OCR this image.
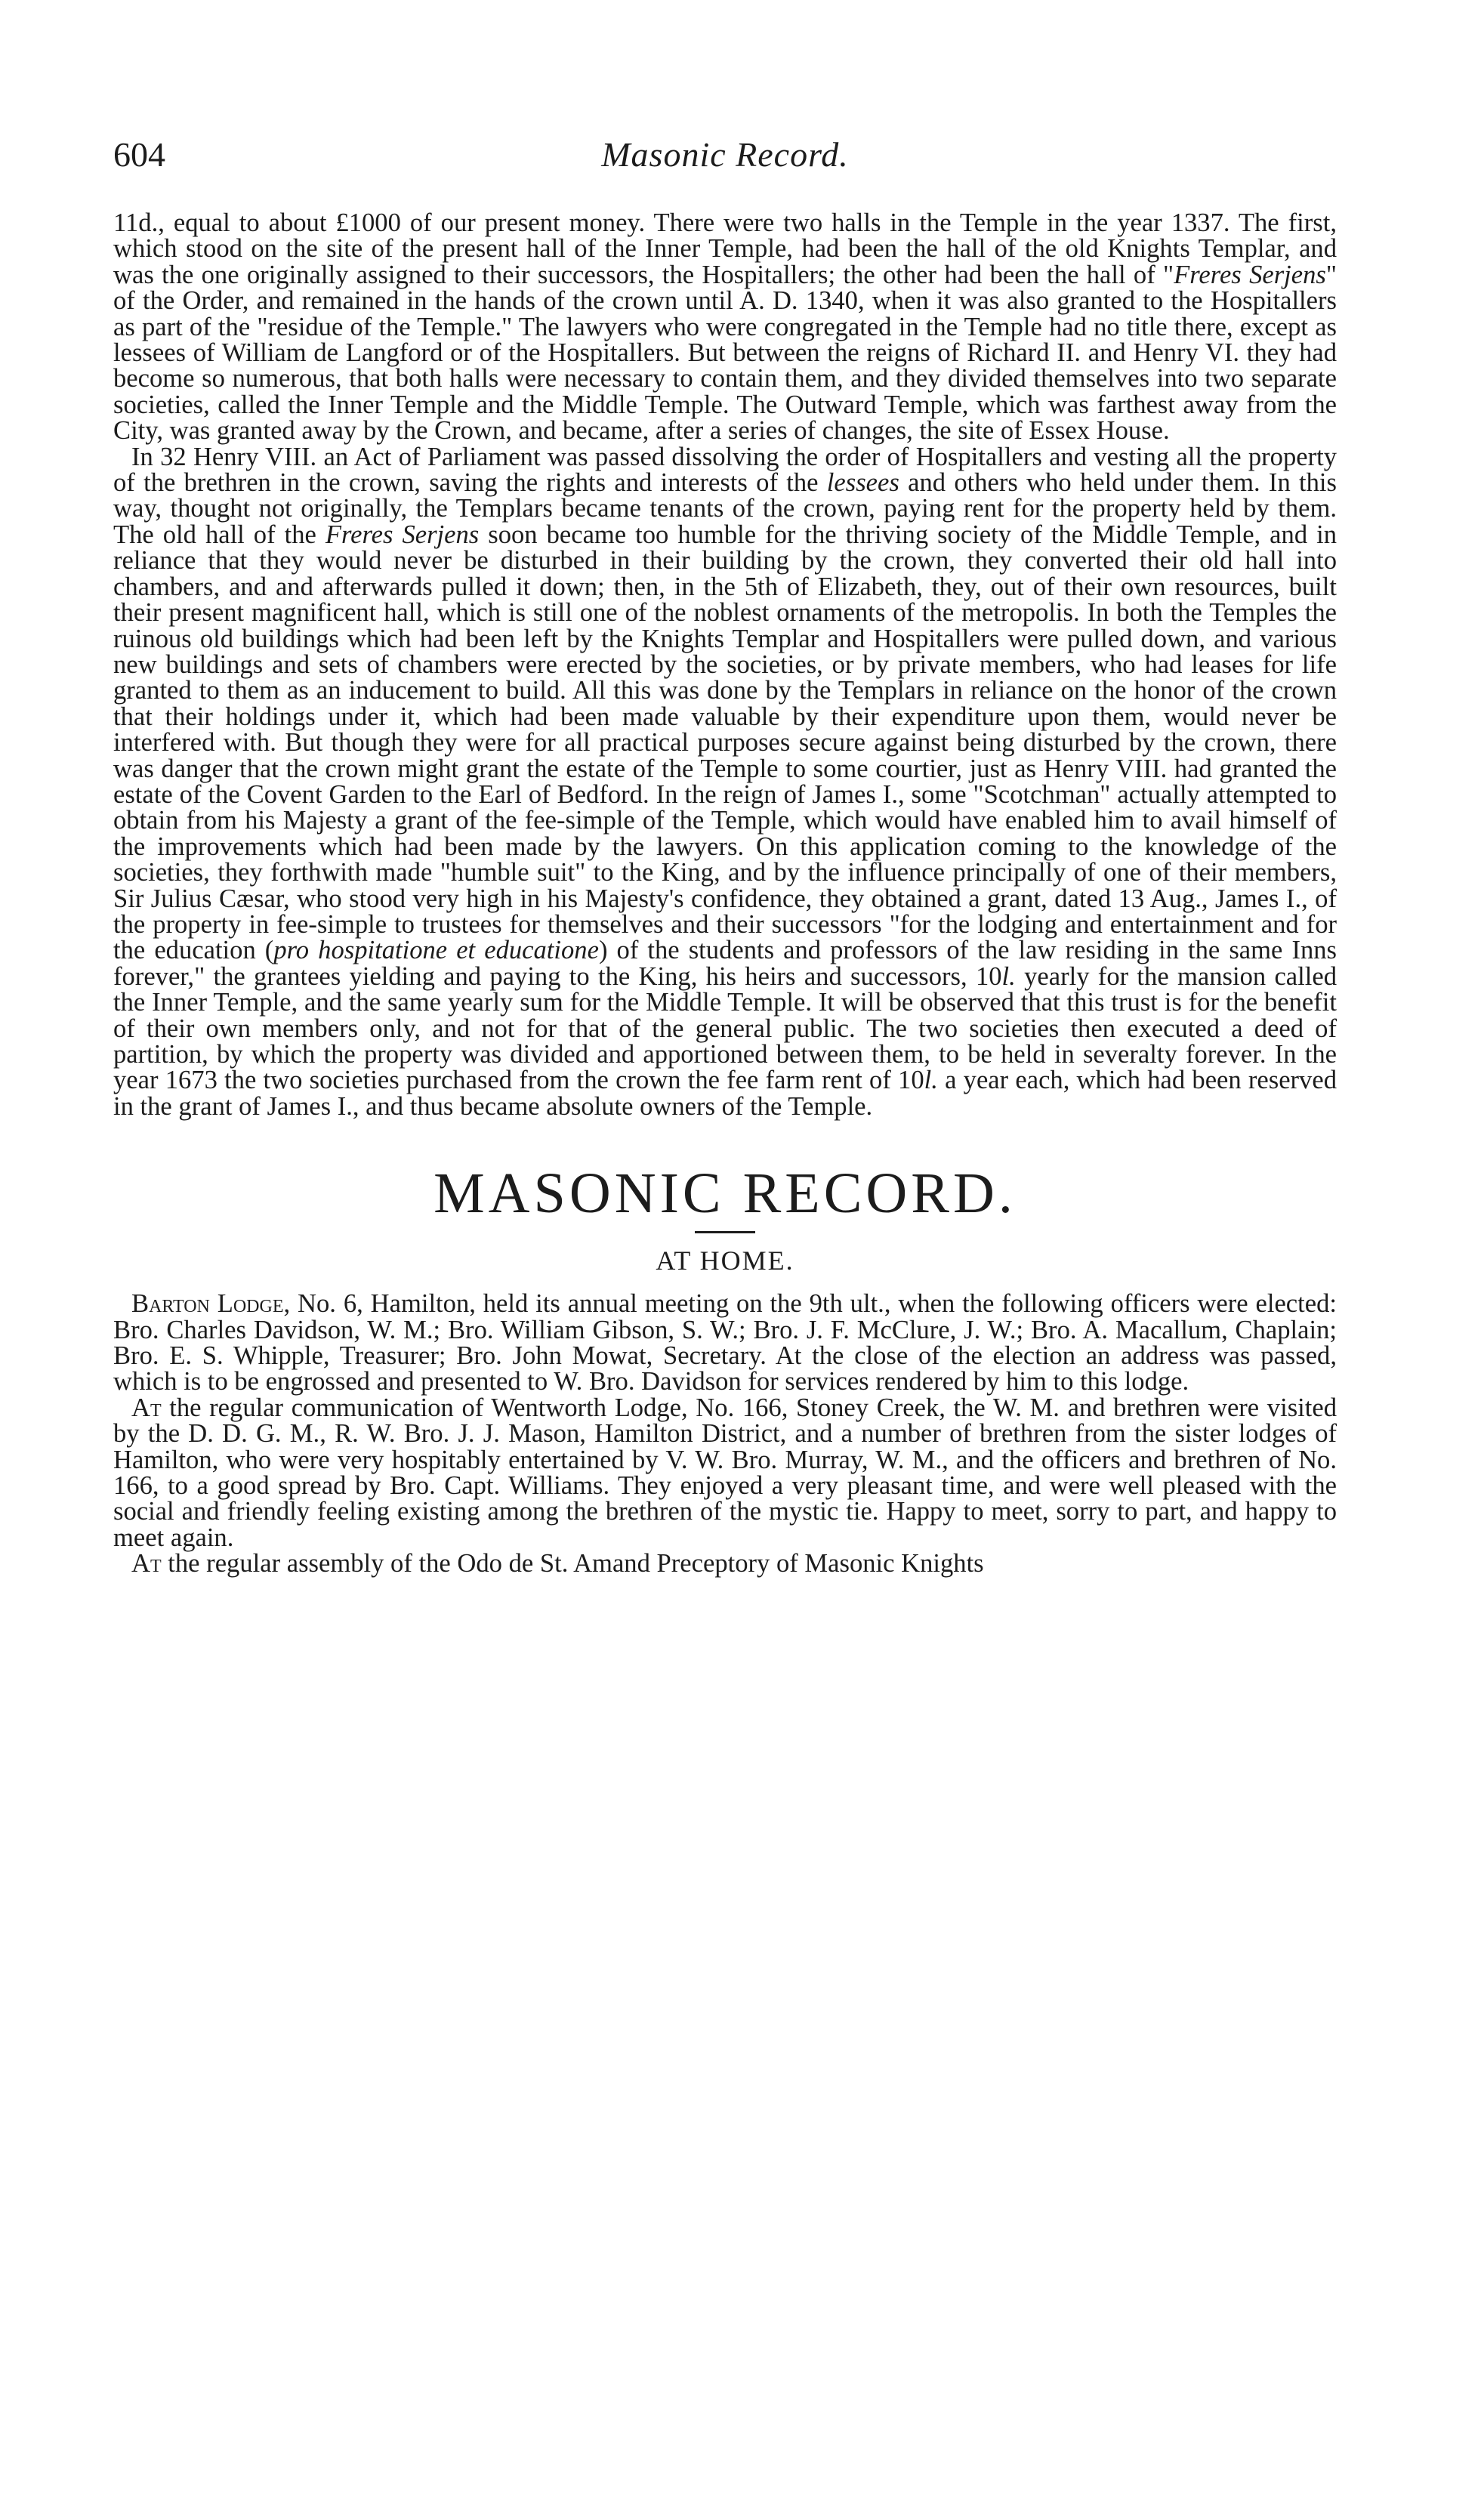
604	Masonic Record.

11d., equal to about £1000 of our present money. There were two halls in the Temple in the year 1337. The first, which stood on the site of the present hall of the Inner Temple, had been the hall of the old Knights Templar, and was the one originally assigned to their successors, the Hospitallers; the other had been the hall of "Freres Serjens" of the Order, and remained in the hands of the crown until A. D. 1340, when it was also granted to the Hospitallers as part of the "residue of the Temple." The lawyers who were congregated in the Temple had no title there, except as lessees of William de Langford or of the Hospitallers. But between the reigns of Richard II. and Henry VI. they had become so numerous, that both halls were necessary to contain them, and they divided themselves into two separate societies, called the Inner Temple and the Middle Temple. The Outward Temple, which was farthest away from the City, was granted away by the Crown, and became, after a series of changes, the site of Essex House.

In 32 Henry VIII. an Act of Parliament was passed dissolving the order of Hospitallers and vesting all the property of the brethren in the crown, saving the rights and interests of the lessees and others who held under them. In this way, thought not originally, the Templars became tenants of the crown, paying rent for the property held by them. The old hall of the Freres Serjens soon became too humble for the thriving society of the Middle Temple, and in reliance that they would never be disturbed in their building by the crown, they converted their old hall into chambers, and and afterwards pulled it down; then, in the 5th of Elizabeth, they, out of their own resources, built their present magnificent hall, which is still one of the noblest ornaments of the metropolis. In both the Temples the ruinous old buildings which had been left by the Knights Templar and Hospitallers were pulled down, and various new buildings and sets of chambers were erected by the societies, or by private members, who had leases for life granted to them as an inducement to build. All this was done by the Templars in reliance on the honor of the crown that their holdings under it, which had been made valuable by their expenditure upon them, would never be interfered with. But though they were for all practical purposes secure against being disturbed by the crown, there was danger that the crown might grant the estate of the Temple to some courtier, just as Henry VIII. had granted the estate of the Covent Garden to the Earl of Bedford. In the reign of James I., some "Scotchman" actually attempted to obtain from his Majesty a grant of the fee-simple of the Temple, which would have enabled him to avail himself of the improvements which had been made by the lawyers. On this application coming to the knowledge of the societies, they forthwith made "humble suit" to the King, and by the influence principally of one of their members, Sir Julius Cæsar, who stood very high in his Majesty's confidence, they obtained a grant, dated 13 Aug., James I., of the property in fee-simple to trustees for themselves and their successors "for the lodging and entertainment and for the education (pro hospitatione et educatione) of the students and professors of the law residing in the same Inns forever," the grantees yielding and paying to the King, his heirs and successors, 10l. yearly for the mansion called the Inner Temple, and the same yearly sum for the Middle Temple. It will be observed that this trust is for the benefit of their own members only, and not for that of the general public. The two societies then executed a deed of partition, by which the property was divided and apportioned between them, to be held in severalty forever. In the year 1673 the two societies purchased from the crown the fee farm rent of 10l. a year each, which had been reserved in the grant of James I., and thus became absolute owners of the Temple.

MASONIC RECORD.
AT HOME.

Barton Lodge, No. 6, Hamilton, held its annual meeting on the 9th ult., when the following officers were elected: Bro. Charles Davidson, W. M.; Bro. William Gibson, S. W.; Bro. J. F. McClure, J. W.; Bro. A. Macallum, Chaplain; Bro. E. S. Whipple, Treasurer; Bro. John Mowat, Secretary. At the close of the election an address was passed, which is to be engrossed and presented to W. Bro. Davidson for services rendered by him to this lodge.

At the regular communication of Wentworth Lodge, No. 166, Stoney Creek, the W. M. and brethren were visited by the D. D. G. M., R. W. Bro. J. J. Mason, Hamilton District, and a number of brethren from the sister lodges of Hamilton, who were very hospitably entertained by V. W. Bro. Murray, W. M., and the officers and brethren of No. 166, to a good spread by Bro. Capt. Williams. They enjoyed a very pleasant time, and were well pleased with the social and friendly feeling existing among the brethren of the mystic tie. Happy to meet, sorry to part, and happy to meet again.

At the regular assembly of the Odo de St. Amand Preceptory of Masonic Knights
